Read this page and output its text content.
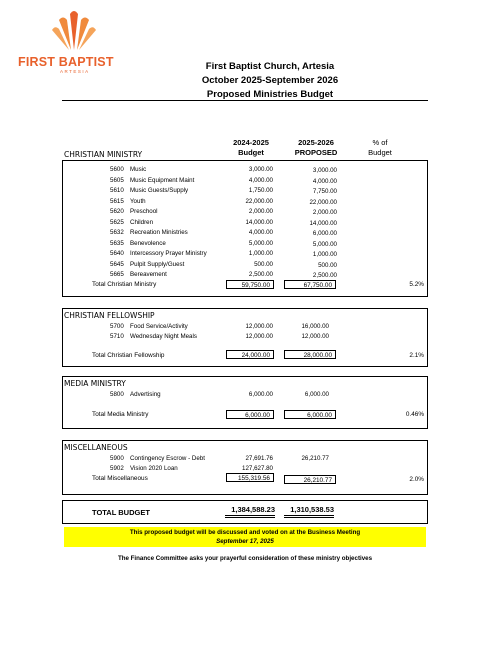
FIRST BAPTIST
ARTESIA	First Baptist Church, Artesia
October 2025-September 2026
Proposed Ministries Budget
2024-2025
Budget
2025-2026
PROPOSED
% of
Budget
CHRISTIAN MINISTRY
5600	Music	3,000.00	3,000.00
5605	Music Equipment Maint	4,000.00	4,000.00
5610	Music Guests/Supply	1,750.00	7,750.00
5615	Youth	22,000.00	22,000.00
5620	Preschool	2,000.00	2,000.00
5625	Children	14,000.00	14,000.00
5632	Recreation Ministries	4,000.00	6,000.00
5635	Benevolence	5,000.00	5,000.00
5640	Intercessory Prayer Ministry	1,000.00	1,000.00
5645	Pulpit Supply/Guest	500.00	500.00
5665	Bereavement	2,500.00	2,500.00
Total Christian Ministry	59,750.00	67,750.00	5.2%
CHRISTIAN FELLOWSHIP
5700	Food Service/Activity	12,000.00	16,000.00
5710	Wednesday Night Meals	12,000.00	12,000.00
Total Christian Fellowship	24,000.00	28,000.00	2.1%
MEDIA MINISTRY
5800	Advertising	6,000.00	6,000.00
Total Media Ministry	6,000.00	6,000.00	0.46%
MISCELLANEOUS
5900	Contingency Escrow - Debt	27,691.76	26,210.77
5902	Vision 2020 Loan	127,627.80
Total Miscellaneous	155,319.56	26,210.77	2.0%
TOTAL BUDGET	1,384,588.23	1,310,538.53
This proposed budget will be discussed and voted on at the Business Meeting
September 17, 2025
The Finance Committee asks your prayerful consideration of these ministry objectives
